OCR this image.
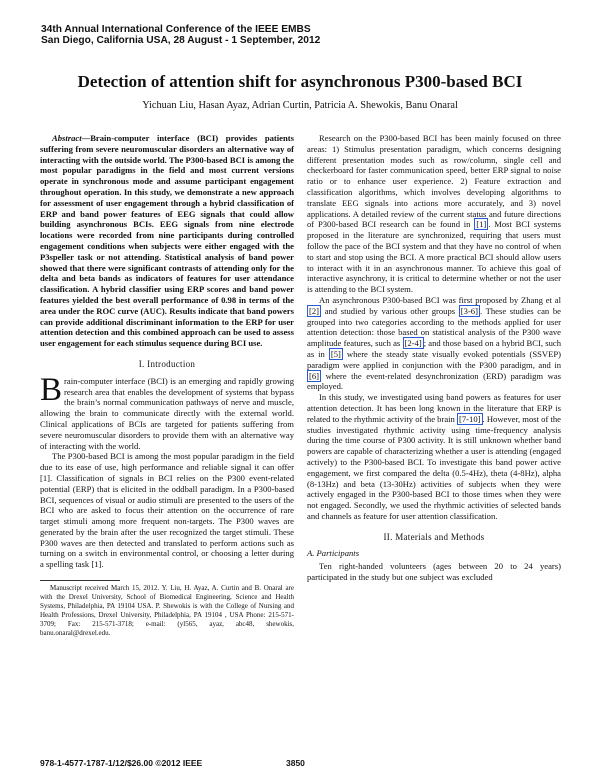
34th Annual International Conference of the IEEE EMBS
San Diego, California USA, 28 August - 1 September, 2012
Detection of attention shift for asynchronous P300-based BCI
Yichuan Liu, Hasan Ayaz, Adrian Curtin, Patricia A. Shewokis, Banu Onaral

Abstract—Brain-computer interface (BCI) provides patients suffering from severe neuromuscular disorders an alternative way of interacting with the outside world. The P300-based BCI is among the most popular paradigms in the field and most current versions operate in synchronous mode and assume participant engagement throughout operation. In this study, we demonstrate a new approach for assessment of user engagement through a hybrid classification of ERP and band power features of EEG signals that could allow building asynchronous BCIs. EEG signals from nine electrode locations were recorded from nine participants during controlled engagement conditions when subjects were either engaged with the P3speller task or not attending. Statistical analysis of band power showed that there were significant contrasts of attending only for the delta and beta bands as indicators of features for user attendance classification. A hybrid classifier using ERP scores and band power features yielded the best overall performance of 0.98 in terms of the area under the ROC curve (AUC). Results indicate that band powers can provide additional discriminant information to the ERP for user attention detection and this combined approach can be used to assess user engagement for each stimulus sequence during BCI use.

I. Introduction

Brain-computer interface (BCI) is an emerging and rapidly growing research area that enables the development of systems that bypass the brain’s normal communication pathways of nerve and muscle, allowing the brain to communicate directly with the external world. Clinical applications of BCIs are targeted for patients suffering from severe neuromuscular disorders to provide them with an alternative way of interacting with the world.

The P300-based BCI is among the most popular paradigm in the field due to its ease of use, high performance and reliable signal it can offer [1]. Classification of signals in BCI relies on the P300 event-related potential (ERP) that is elicited in the oddball paradigm. In a P300-based BCI, sequences of visual or audio stimuli are presented to the users of the BCI who are asked to focus their attention on the occurrence of rare target stimuli among more frequent non-targets. The P300 waves are generated by the brain after the user recognized the target stimuli. These P300 waves are then detected and translated to perform actions such as turning on a switch in environmental control, or choosing a letter during a spelling task [1].

Manuscript received March 15, 2012. Y. Liu, H. Ayaz, A. Curtin and B. Onaral are with the Drexel University, School of Biomedical Engineering, Science and Health Systems, Philadelphia, PA 19104 USA. P. Shewokis is with the College of Nursing and Health Professions, Drexel University, Philadelphia, PA 19104 , USA Phone: 215-571-3709; Fax: 215-571-3718; e-mail: (yl565, ayaz, abc48, shewokis, banu.onaral@drexel.edu.

Research on the P300-based BCI has been mainly focused on three areas: 1) Stimulus presentation paradigm, which concerns designing different presentation modes such as row/column, single cell and checkerboard for faster communication speed, better ERP signal to noise ratio or to enhance user experience. 2) Feature extraction and classification algorithms, which involves developing algorithms to translate EEG signals into actions more accurately, and 3) novel applications. A detailed review of the current status and future directions of P300-based BCI research can be found in [1] . Most BCI systems proposed in the literature are synchronized, requiring that users must follow the pace of the BCI system and that they have no control of when to start and stop using the BCI. A more practical BCI should allow users to interact with it in an asynchronous manner. To achieve this goal of interactive asynchrony, it is critical to determine whether or not the user is attending to the BCI system.

An asynchronous P300-based BCI was first proposed by Zhang et al [2] and studied by various other groups [3-6] . These studies can be grouped into two categories according to the methods applied for user attention detection: those based on statistical analysis of the P300 wave amplitude features, such as [2-4] ; and those based on a hybrid BCI, such as in [5] where the steady state visually evoked potentials (SSVEP) paradigm were applied in conjunction with the P300 paradigm, and in [6] where the event-related desynchronization (ERD) paradigm was employed.

In this study, we investigated using band powers as features for user attention detection. It has been long known in the literature that ERP is related to the rhythmic activity of the brain [7-10] . However, most of the studies investigated rhythmic activity using time-frequency analysis during the time course of P300 activity. It is still unknown whether band powers are capable of characterizing whether a user is attending (engaged actively) to the P300-based BCI. To investigate this band power active engagement, we first compared the delta (0.5-4Hz), theta (4-8Hz), alpha (8-13Hz) and beta (13-30Hz) activities of subjects when they were actively engaged in the P300-based BCI to those times when they were not engaged. Secondly, we used the rhythmic activities of selected bands and channels as feature for user attention classification.

II. Materials and Methods

A. Participants

Ten right-handed volunteers (ages between 20 to 24 years) participated in the study but one subject was excluded

978-1-4577-1787-1/12/$26.00 ©2012 IEEE	3850
